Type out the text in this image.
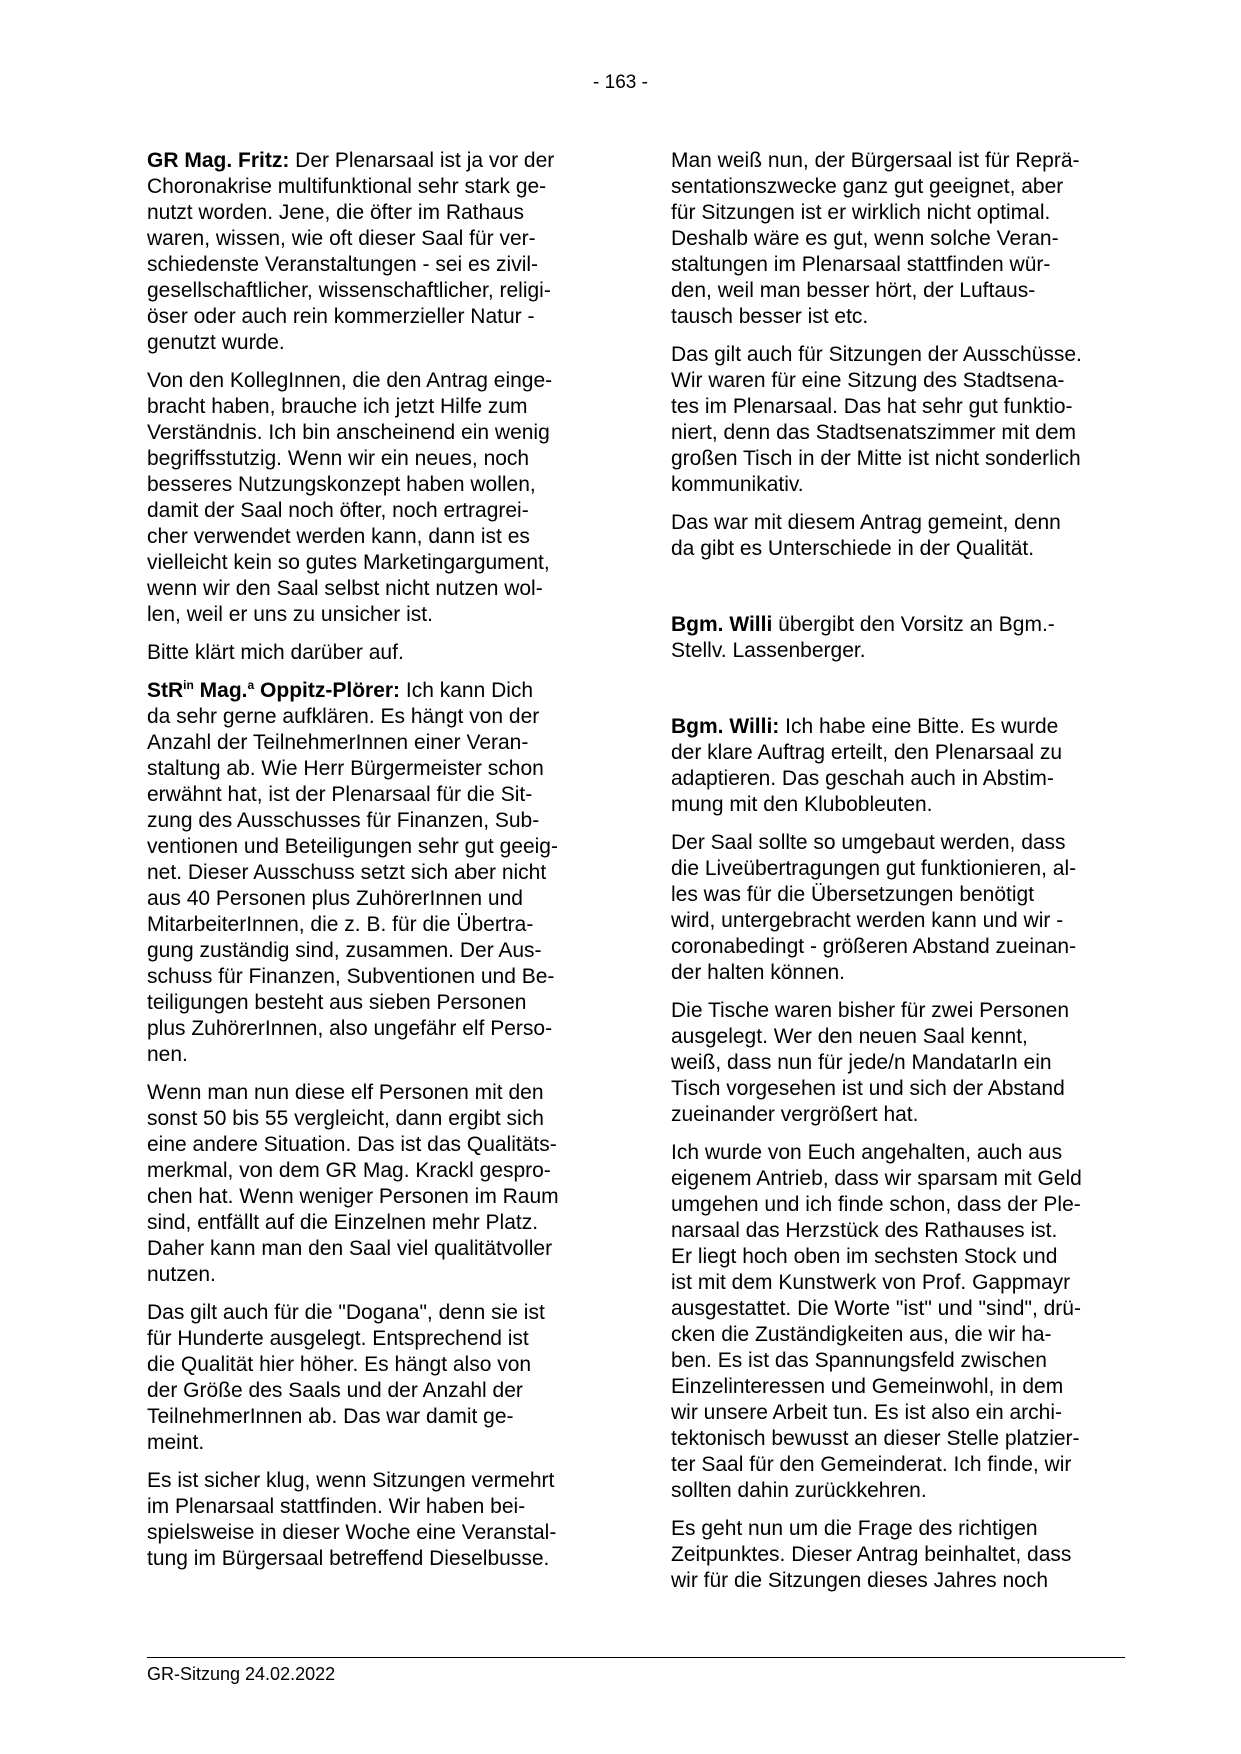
- 163 -

GR Mag. Fritz: Der Plenarsaal ist ja vor der
Choronakrise multifunktional sehr stark ge-
nutzt worden. Jene, die öfter im Rathaus
waren, wissen, wie oft dieser Saal für ver-
schiedenste Veranstaltungen - sei es zivil-
gesellschaftlicher, wissenschaftlicher, religi-
öser oder auch rein kommerzieller Natur -
genutzt wurde.

Von den KollegInnen, die den Antrag einge-
bracht haben, brauche ich jetzt Hilfe zum
Verständnis. Ich bin anscheinend ein wenig
begriffsstutzig. Wenn wir ein neues, noch
besseres Nutzungskonzept haben wollen,
damit der Saal noch öfter, noch ertragrei-
cher verwendet werden kann, dann ist es
vielleicht kein so gutes Marketingargument,
wenn wir den Saal selbst nicht nutzen wol-
len, weil er uns zu unsicher ist.

Bitte klärt mich darüber auf.

StR$^{in}$ Mag.$^a$ Oppitz-Plörer: Ich kann Dich
da sehr gerne aufklären. Es hängt von der
Anzahl der TeilnehmerInnen einer Veran-
staltung ab. Wie Herr Bürgermeister schon
erwähnt hat, ist der Plenarsaal für die Sit-
zung des Ausschusses für Finanzen, Sub-
ventionen und Beteiligungen sehr gut geeig-
net. Dieser Ausschuss setzt sich aber nicht
aus 40 Personen plus ZuhörerInnen und
MitarbeiterInnen, die z. B. für die Übertra-
gung zuständig sind, zusammen. Der Aus-
schuss für Finanzen, Subventionen und Be-
teiligungen besteht aus sieben Personen
plus ZuhörerInnen, also ungefähr elf Perso-
nen.

Wenn man nun diese elf Personen mit den
sonst 50 bis 55 vergleicht, dann ergibt sich
eine andere Situation. Das ist das Qualitäts-
merkmal, von dem GR Mag. Krackl gespro-
chen hat. Wenn weniger Personen im Raum
sind, entfällt auf die Einzelnen mehr Platz.
Daher kann man den Saal viel qualitätvoller
nutzen.

Das gilt auch für die "Dogana", denn sie ist
für Hunderte ausgelegt. Entsprechend ist
die Qualität hier höher. Es hängt also von
der Größe des Saals und der Anzahl der
TeilnehmerInnen ab. Das war damit ge-
meint.

Es ist sicher klug, wenn Sitzungen vermehrt
im Plenarsaal stattfinden. Wir haben bei-
spielsweise in dieser Woche eine Veranstal-
tung im Bürgersaal betreffend Dieselbusse.

Man weiß nun, der Bürgersaal ist für Reprä-
sentationszwecke ganz gut geeignet, aber
für Sitzungen ist er wirklich nicht optimal.
Deshalb wäre es gut, wenn solche Veran-
staltungen im Plenarsaal stattfinden wür-
den, weil man besser hört, der Luftaus-
tausch besser ist etc.

Das gilt auch für Sitzungen der Ausschüsse.
Wir waren für eine Sitzung des Stadtsena-
tes im Plenarsaal. Das hat sehr gut funktio-
niert, denn das Stadtsenatszimmer mit dem
großen Tisch in der Mitte ist nicht sonderlich
kommunikativ.

Das war mit diesem Antrag gemeint, denn
da gibt es Unterschiede in der Qualität.

Bgm. Willi übergibt den Vorsitz an Bgm.-
Stellv. Lassenberger.

Bgm. Willi: Ich habe eine Bitte. Es wurde
der klare Auftrag erteilt, den Plenarsaal zu
adaptieren. Das geschah auch in Abstim-
mung mit den Klubobleuten.

Der Saal sollte so umgebaut werden, dass
die Liveübertragungen gut funktionieren, al-
les was für die Übersetzungen benötigt
wird, untergebracht werden kann und wir -
coronabedingt - größeren Abstand zueinan-
der halten können.

Die Tische waren bisher für zwei Personen
ausgelegt. Wer den neuen Saal kennt,
weiß, dass nun für jede/n MandatarIn ein
Tisch vorgesehen ist und sich der Abstand
zueinander vergrößert hat.

Ich wurde von Euch angehalten, auch aus
eigenem Antrieb, dass wir sparsam mit Geld
umgehen und ich finde schon, dass der Ple-
narsaal das Herzstück des Rathauses ist.
Er liegt hoch oben im sechsten Stock und
ist mit dem Kunstwerk von Prof. Gappmayr
ausgestattet. Die Worte "ist" und "sind", drü-
cken die Zuständigkeiten aus, die wir ha-
ben. Es ist das Spannungsfeld zwischen
Einzelinteressen und Gemeinwohl, in dem
wir unsere Arbeit tun. Es ist also ein archi-
tektonisch bewusst an dieser Stelle platzier-
ter Saal für den Gemeinderat. Ich finde, wir
sollten dahin zurückkehren.

Es geht nun um die Frage des richtigen
Zeitpunktes. Dieser Antrag beinhaltet, dass
wir für die Sitzungen dieses Jahres noch

GR-Sitzung 24.02.2022
